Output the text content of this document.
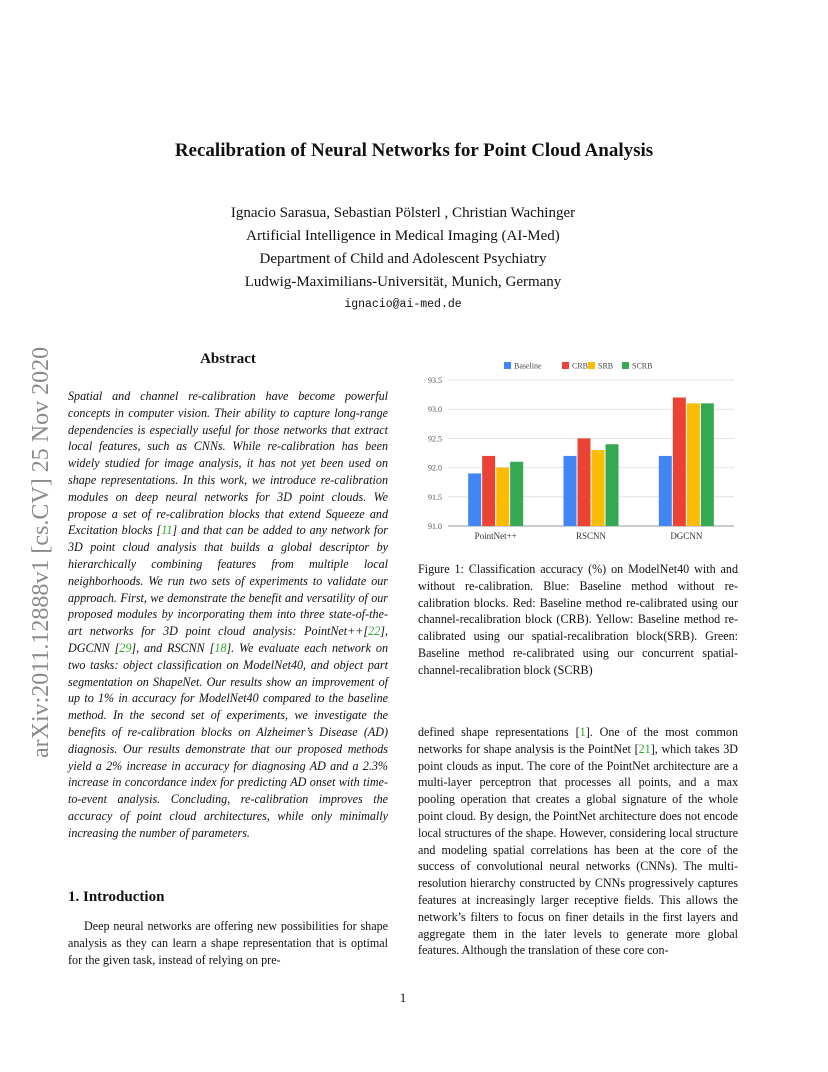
arXiv:2011.12888v1 [cs.CV] 25 Nov 2020
Recalibration of Neural Networks for Point Cloud Analysis
Ignacio Sarasua, Sebastian Pölsterl , Christian Wachinger
Artificial Intelligence in Medical Imaging (AI-Med)
Department of Child and Adolescent Psychiatry
Ludwig-Maximilians-Universität, Munich, Germany
ignacio@ai-med.de
Abstract
Spatial and channel re-calibration have become powerful concepts in computer vision. Their ability to capture long-range dependencies is especially useful for those networks that extract local features, such as CNNs. While re-calibration has been widely studied for image analysis, it has not yet been used on shape representations. In this work, we introduce re-calibration modules on deep neural networks for 3D point clouds. We propose a set of re-calibration blocks that extend Squeeze and Excitation blocks [11] and that can be added to any network for 3D point cloud analysis that builds a global descriptor by hierarchically combining features from multiple local neighborhoods. We run two sets of experiments to validate our approach. First, we demonstrate the benefit and versatility of our proposed modules by incorporating them into three state-of-the-art networks for 3D point cloud analysis: PointNet++[22], DGCNN [29], and RSCNN [18]. We evaluate each network on two tasks: object classification on ModelNet40, and object part segmentation on ShapeNet. Our results show an improvement of up to 1% in accuracy for ModelNet40 compared to the baseline method. In the second set of experiments, we investigate the benefits of re-calibration blocks on Alzheimer’s Disease (AD) diagnosis. Our results demonstrate that our proposed methods yield a 2% increase in accuracy for diagnosing AD and a 2.3% increase in concordance index for predicting AD onset with time-to-event analysis. Concluding, re-calibration improves the accuracy of point cloud architectures, while only minimally increasing the number of parameters.
1. Introduction
Deep neural networks are offering new possibilities for shape analysis as they can learn a shape representation that is optimal for the given task, instead of relying on pre-
Baseline	CRB SRB SCRB
91.0
91.5
92.0
92.5
93.0
93.5
PointNet++	RSCNN	DGCNN
Figure 1: Classification accuracy (%) on ModelNet40 with and without re-calibration. Blue: Baseline method without re-calibration blocks. Red: Baseline method re-calibrated using our channel-recalibration block (CRB). Yellow: Baseline method re-calibrated using our spatial-recalibration block(SRB). Green: Baseline method re-calibrated using our concurrent spatial-channel-recalibration block (SCRB)
defined shape representations [1]. One of the most common networks for shape analysis is the PointNet [21], which takes 3D point clouds as input. The core of the PointNet architecture are a multi-layer perceptron that processes all points, and a max pooling operation that creates a global signature of the whole point cloud. By design, the PointNet architecture does not encode local structures of the shape. However, considering local structure and modeling spatial correlations has been at the core of the success of convolutional neural networks (CNNs). The multi-resolution hierarchy constructed by CNNs progressively captures features at increasingly larger receptive fields. This allows the network’s filters to focus on finer details in the first layers and aggregate them in the later levels to generate more global features. Although the translation of these core con-
1
